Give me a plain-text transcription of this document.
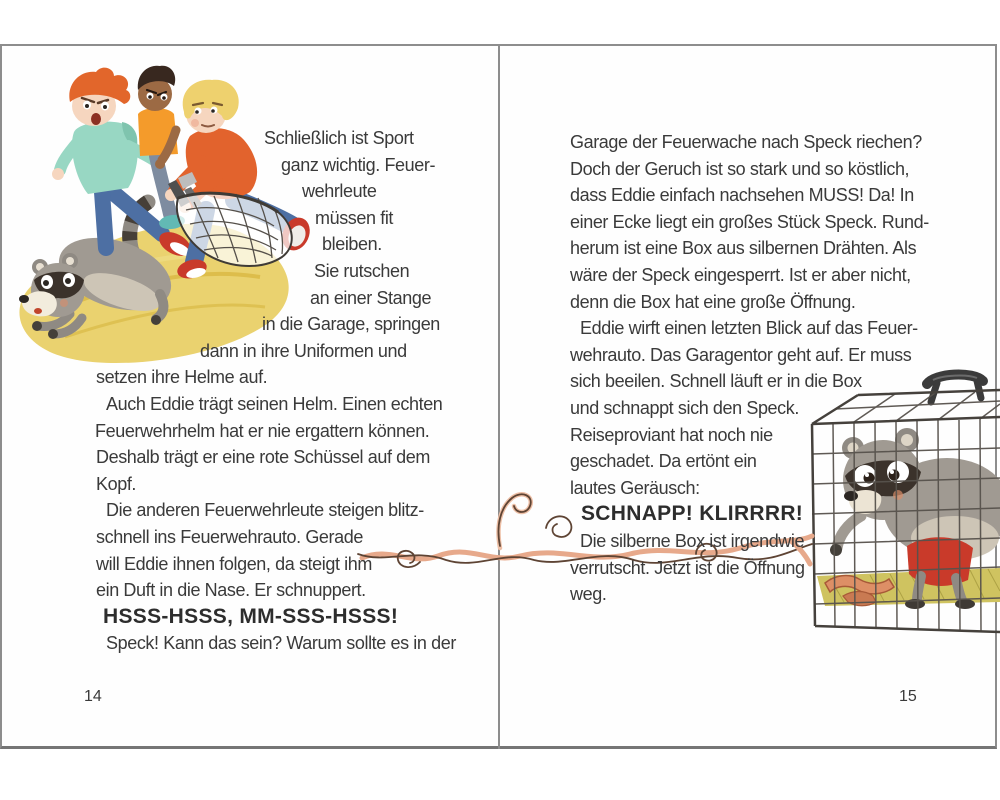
Schließlich ist Sport
ganz wichtig. Feuer-
wehrleute
müssen fit
bleiben.
Sie rutschen
an einer Stange
in die Garage, springen
dann in ihre Uniformen und
setzen ihre Helme auf.
Auch Eddie trägt seinen Helm. Einen echten
Feuerwehrhelm hat er nie ergattern können.
Deshalb trägt er eine rote Schüssel auf dem
Kopf.
Die anderen Feuerwehrleute steigen blitz-
schnell ins Feuerwehrauto. Gerade
will Eddie ihnen folgen, da steigt ihm
ein Duft in die Nase. Er schnuppert.
HSSS-HSSS, MM-SSS-HSSS!
Speck! Kann das sein? Warum sollte es in der
Garage der Feuerwache nach Speck riechen?
Doch der Geruch ist so stark und so köstlich,
dass Eddie einfach nachsehen MUSS! Da! In
einer Ecke liegt ein großes Stück Speck. Rund-
herum ist eine Box aus silbernen Drähten. Als
wäre der Speck eingesperrt. Ist er aber nicht,
denn die Box hat eine große Öffnung.
Eddie wirft einen letzten Blick auf das Feuer-
wehrauto. Das Garagentor geht auf. Er muss
sich beeilen. Schnell läuft er in die Box
und schnappt sich den Speck.
Reiseproviant hat noch nie
geschadet. Da ertönt ein
lautes Geräusch:
SCHNAPP! KLIRRRR!
Die silberne Box ist irgendwie
verrutscht. Jetzt ist die Öffnung
weg.
14	15
